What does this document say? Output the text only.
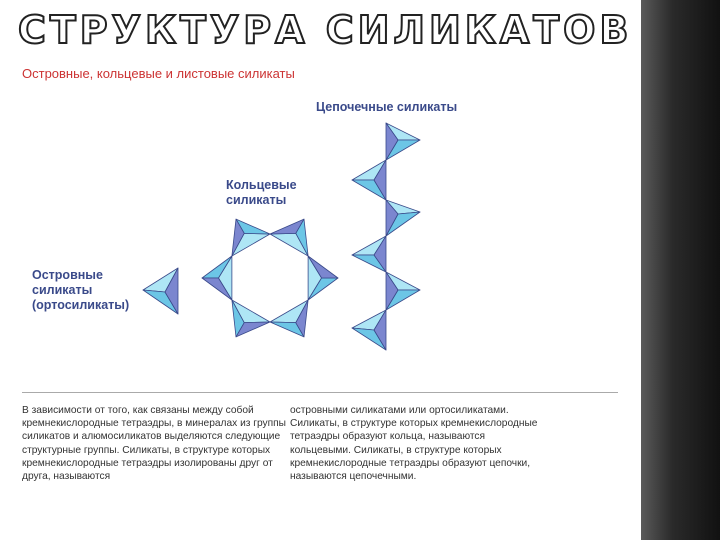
СТРУКТУРА СИЛИКАТОВ
Островные, кольцевые и листовые силикаты
Цепочечные силикаты
Кольцевые
силикаты
Островные
силикаты
(ортосиликаты)
В зависимости от того, как связаны между собой кремнекислородные тетраэдры, в минералах из группы силикатов и алюмосиликатов выделяются следующие структурные группы. Силикаты, в структуре которых кремнекислородные тетраэдры изолированы друг от друга, называются
островными силикатами или ортосиликатами. Силикаты, в структуре которых кремнекислородные тетраэдры образуют кольца, называются кольцевыми. Силикаты, в структуре которых кремнекислородные тетраэдры образуют цепочки, называются цепочечными.
